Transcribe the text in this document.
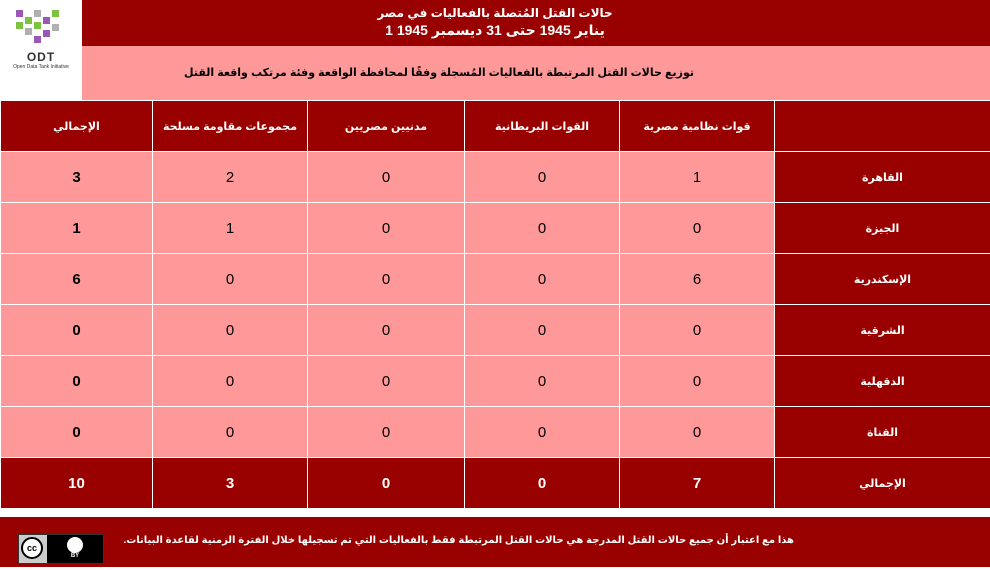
حالات القتل المُتصلة بالفعاليات في مصر
1 يناير 1945 حتى 31 ديسمبر 1945
ODT
Open Data Tank Initiative	توزيع حالات القتل المرتبطة بالفعاليات المُسجلة وفقًا لمحافظة الواقعة وفئة مرتكب واقعة القتل
	قوات نظامية مصرية	القوات البريطانية	مدنيين مصريين	مجموعات مقاومة مسلحة	الإجمالي
القاهرة	1	0	0	2	3
الجيزة	0	0	0	1	1
الإسكندرية	6	0	0	0	6
الشرقية	0	0	0	0	0
الدقهلية	0	0	0	0	0
القناة	0	0	0	0	0
الإجمالي	7	0	0	3	10
هذا مع اعتبار أن جميع حالات القتل المدرجة هي حالات القتل المرتبطة فقط بالفعاليات التي تم تسجيلها خلال الفترة الزمنية لقاعدة البيانات.
cc
BY
